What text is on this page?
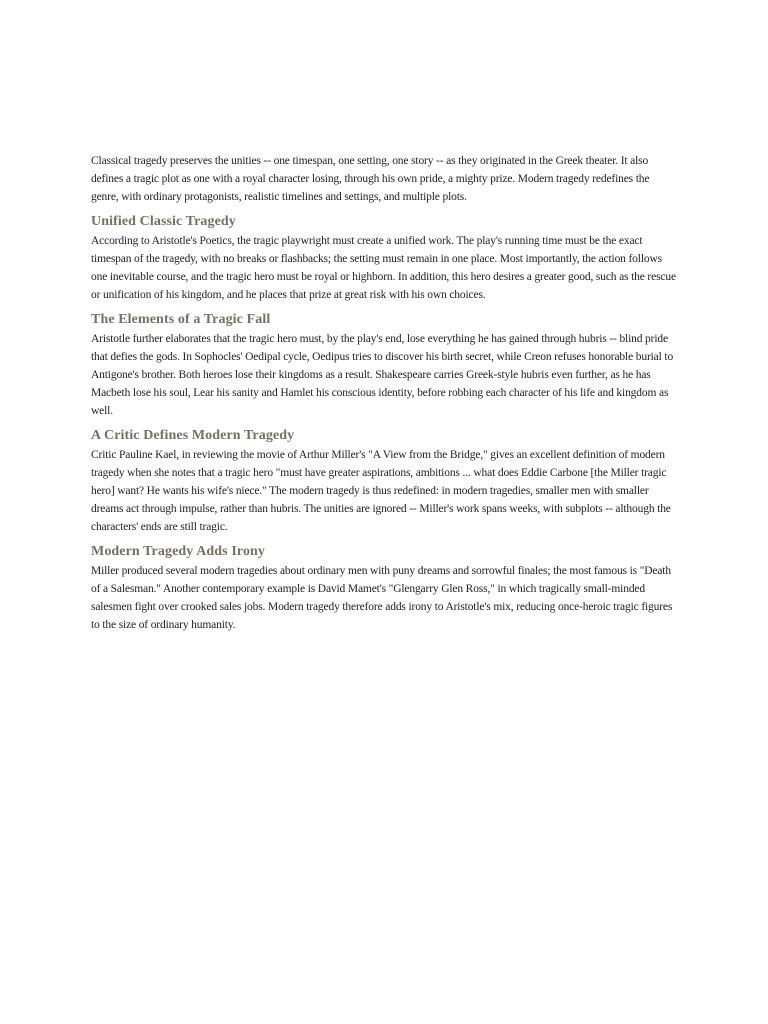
Classical tragedy preserves the unities -- one timespan, one setting, one story -- as they originated in the Greek theater. It also defines a tragic plot as one with a royal character losing, through his own pride, a mighty prize. Modern tragedy redefines the genre, with ordinary protagonists, realistic timelines and settings, and multiple plots.

Unified Classic Tragedy

According to Aristotle's Poetics, the tragic playwright must create a unified work. The play's running time must be the exact timespan of the tragedy, with no breaks or flashbacks; the setting must remain in one place. Most importantly, the action follows one inevitable course, and the tragic hero must be royal or highborn. In addition, this hero desires a greater good, such as the rescue or unification of his kingdom, and he places that prize at great risk with his own choices.

The Elements of a Tragic Fall

Aristotle further elaborates that the tragic hero must, by the play's end, lose everything he has gained through hubris -- blind pride that defies the gods. In Sophocles' Oedipal cycle, Oedipus tries to discover his birth secret, while Creon refuses honorable burial to Antigone's brother. Both heroes lose their kingdoms as a result. Shakespeare carries Greek-style hubris even further, as he has Macbeth lose his soul, Lear his sanity and Hamlet his conscious identity, before robbing each character of his life and kingdom as well.

A Critic Defines Modern Tragedy

Critic Pauline Kael, in reviewing the movie of Arthur Miller's "A View from the Bridge," gives an excellent definition of modern tragedy when she notes that a tragic hero "must have greater aspirations, ambitions ... what does Eddie Carbone [the Miller tragic hero] want? He wants his wife's niece." The modern tragedy is thus redefined: in modern tragedies, smaller men with smaller dreams act through impulse, rather than hubris. The unities are ignored -- Miller's work spans weeks, with subplots -- although the characters' ends are still tragic.

Modern Tragedy Adds Irony

Miller produced several modern tragedies about ordinary men with puny dreams and sorrowful finales; the most famous is "Death of a Salesman." Another contemporary example is David Mamet's "Glengarry Glen Ross," in which tragically small-minded salesmen fight over crooked sales jobs. Modern tragedy therefore adds irony to Aristotle's mix, reducing once-heroic tragic figures to the size of ordinary humanity.
